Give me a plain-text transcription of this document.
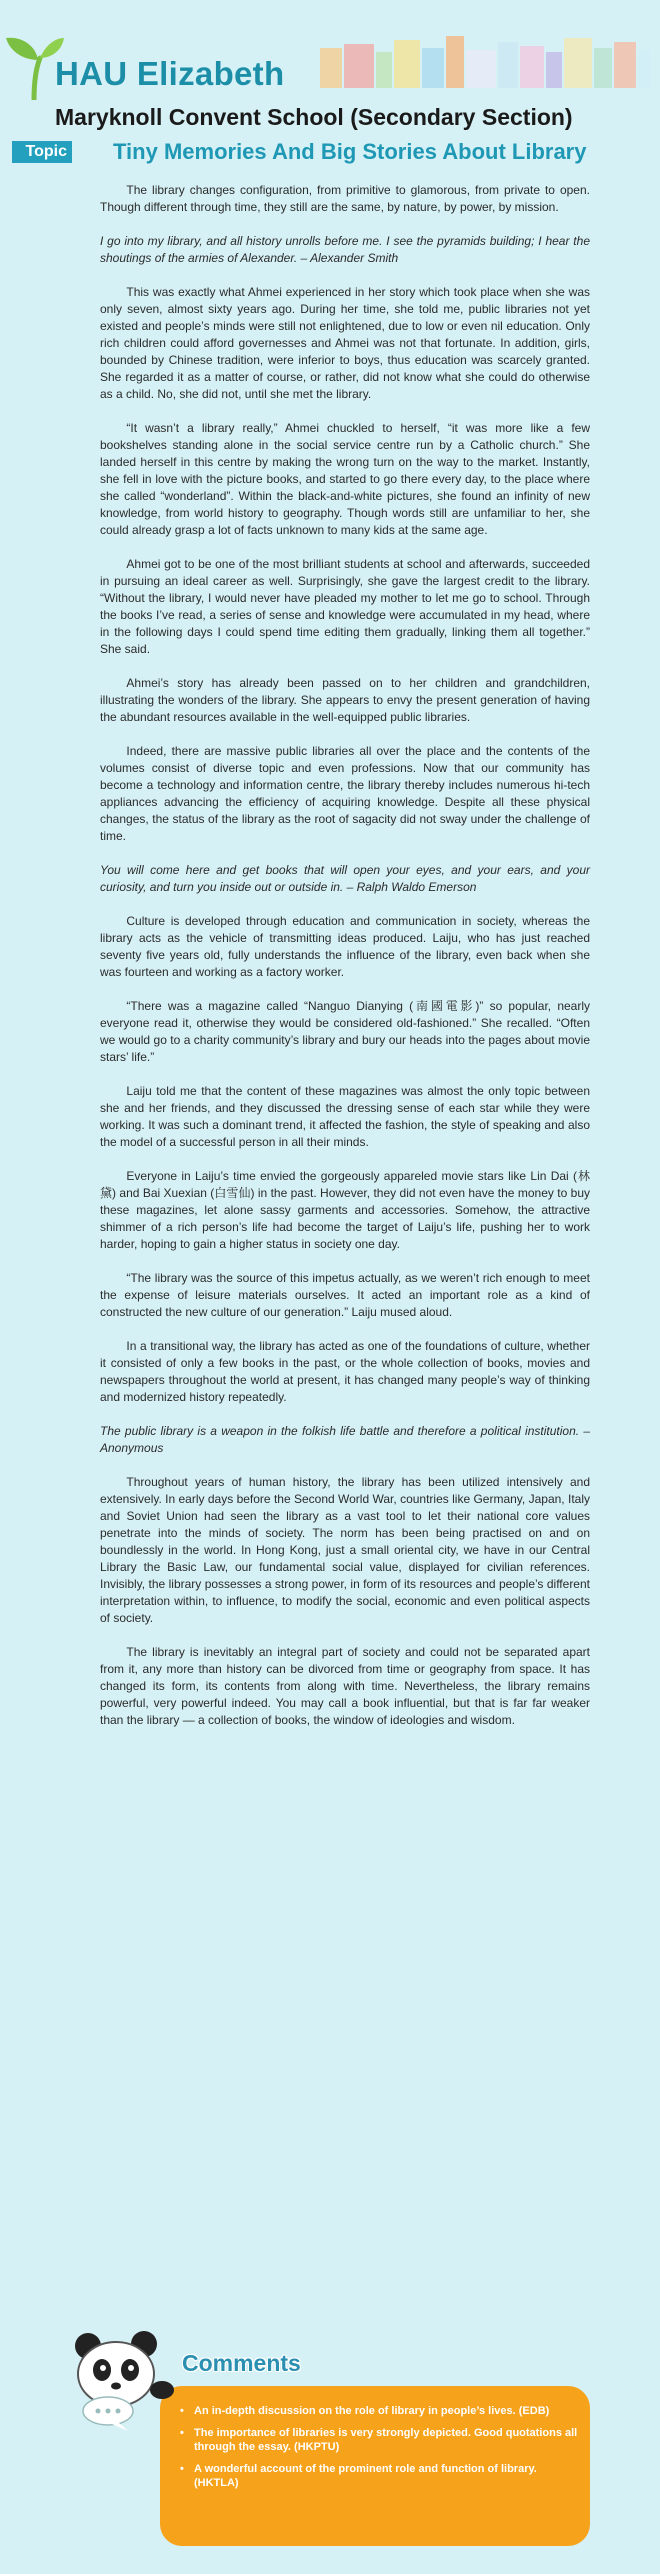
HAU Elizabeth
Maryknoll Convent School (Secondary Section)
Topic Tiny Memories And Big Stories About Library

The library changes configuration, from primitive to glamorous, from private to open. Though different through time, they still are the same, by nature, by power, by mission.

I go into my library, and all history unrolls before me. I see the pyramids building; I hear the shoutings of the armies of Alexander. – Alexander Smith

This was exactly what Ahmei experienced in her story which took place when she was only seven, almost sixty years ago. During her time, she told me, public libraries not yet existed and people’s minds were still not enlightened, due to low or even nil education. Only rich children could afford governesses and Ahmei was not that fortunate. In addition, girls, bounded by Chinese tradition, were inferior to boys, thus education was scarcely granted. She regarded it as a matter of course, or rather, did not know what she could do otherwise as a child. No, she did not, until she met the library.

“It wasn’t a library really,” Ahmei chuckled to herself, “it was more like a few bookshelves standing alone in the social service centre run by a Catholic church.” She landed herself in this centre by making the wrong turn on the way to the market. Instantly, she fell in love with the picture books, and started to go there every day, to the place where she called “wonderland”. Within the black-and-white pictures, she found an infinity of new knowledge, from world history to geography. Though words still are unfamiliar to her, she could already grasp a lot of facts unknown to many kids at the same age.

Ahmei got to be one of the most brilliant students at school and afterwards, succeeded in pursuing an ideal career as well. Surprisingly, she gave the largest credit to the library. “Without the library, I would never have pleaded my mother to let me go to school. Through the books I’ve read, a series of sense and knowledge were accumulated in my head, where in the following days I could spend time editing them gradually, linking them all together.” She said.

Ahmei’s story has already been passed on to her children and grandchildren, illustrating the wonders of the library. She appears to envy the present generation of having the abundant resources available in the well-equipped public libraries.

Indeed, there are massive public libraries all over the place and the contents of the volumes consist of diverse topic and even professions. Now that our community has become a technology and information centre, the library thereby includes numerous hi-tech appliances advancing the efficiency of acquiring knowledge. Despite all these physical changes, the status of the library as the root of sagacity did not sway under the challenge of time.

You will come here and get books that will open your eyes, and your ears, and your curiosity, and turn you inside out or outside in. – Ralph Waldo Emerson

Culture is developed through education and communication in society, whereas the library acts as the vehicle of transmitting ideas produced. Laiju, who has just reached seventy five years old, fully understands the influence of the library, even back when she was fourteen and working as a factory worker.

“There was a magazine called “Nanguo Dianying (南國電影)” so popular, nearly everyone read it, otherwise they would be considered old-fashioned.” She recalled. “Often we would go to a charity community’s library and bury our heads into the pages about movie stars’ life.”

Laiju told me that the content of these magazines was almost the only topic between she and her friends, and they discussed the dressing sense of each star while they were working. It was such a dominant trend, it affected the fashion, the style of speaking and also the model of a successful person in all their minds.

Everyone in Laiju’s time envied the gorgeously appareled movie stars like Lin Dai (林黛) and Bai Xuexian (白雪仙) in the past. However, they did not even have the money to buy these magazines, let alone sassy garments and accessories. Somehow, the attractive shimmer of a rich person’s life had become the target of Laiju’s life, pushing her to work harder, hoping to gain a higher status in society one day.

“The library was the source of this impetus actually, as we weren’t rich enough to meet the expense of leisure materials ourselves. It acted an important role as a kind of constructed the new culture of our generation.” Laiju mused aloud.

In a transitional way, the library has acted as one of the foundations of culture, whether it consisted of only a few books in the past, or the whole collection of books, movies and newspapers throughout the world at present, it has changed many people’s way of thinking and modernized history repeatedly.

The public library is a weapon in the folkish life battle and therefore a political institution. – Anonymous

Throughout years of human history, the library has been utilized intensively and extensively. In early days before the Second World War, countries like Germany, Japan, Italy and Soviet Union had seen the library as a vast tool to let their national core values penetrate into the minds of society. The norm has been being practised on and on boundlessly in the world. In Hong Kong, just a small oriental city, we have in our Central Library the Basic Law, our fundamental social value, displayed for civilian references. Invisibly, the library possesses a strong power, in form of its resources and people’s different interpretation within, to influence, to modify the social, economic and even political aspects of society.

The library is inevitably an integral part of society and could not be separated apart from it, any more than history can be divorced from time or geography from space. It has changed its form, its contents from along with time. Nevertheless, the library remains powerful, very powerful indeed. You may call a book influential, but that is far far weaker than the library — a collection of books, the window of ideologies and wisdom.

Comments
• An in-depth discussion on the role of library in people’s lives. (EDB)
• The importance of libraries is very strongly depicted. Good quotations all through the essay. (HKPTU)
• A wonderful account of the prominent role and function of library. (HKTLA)
